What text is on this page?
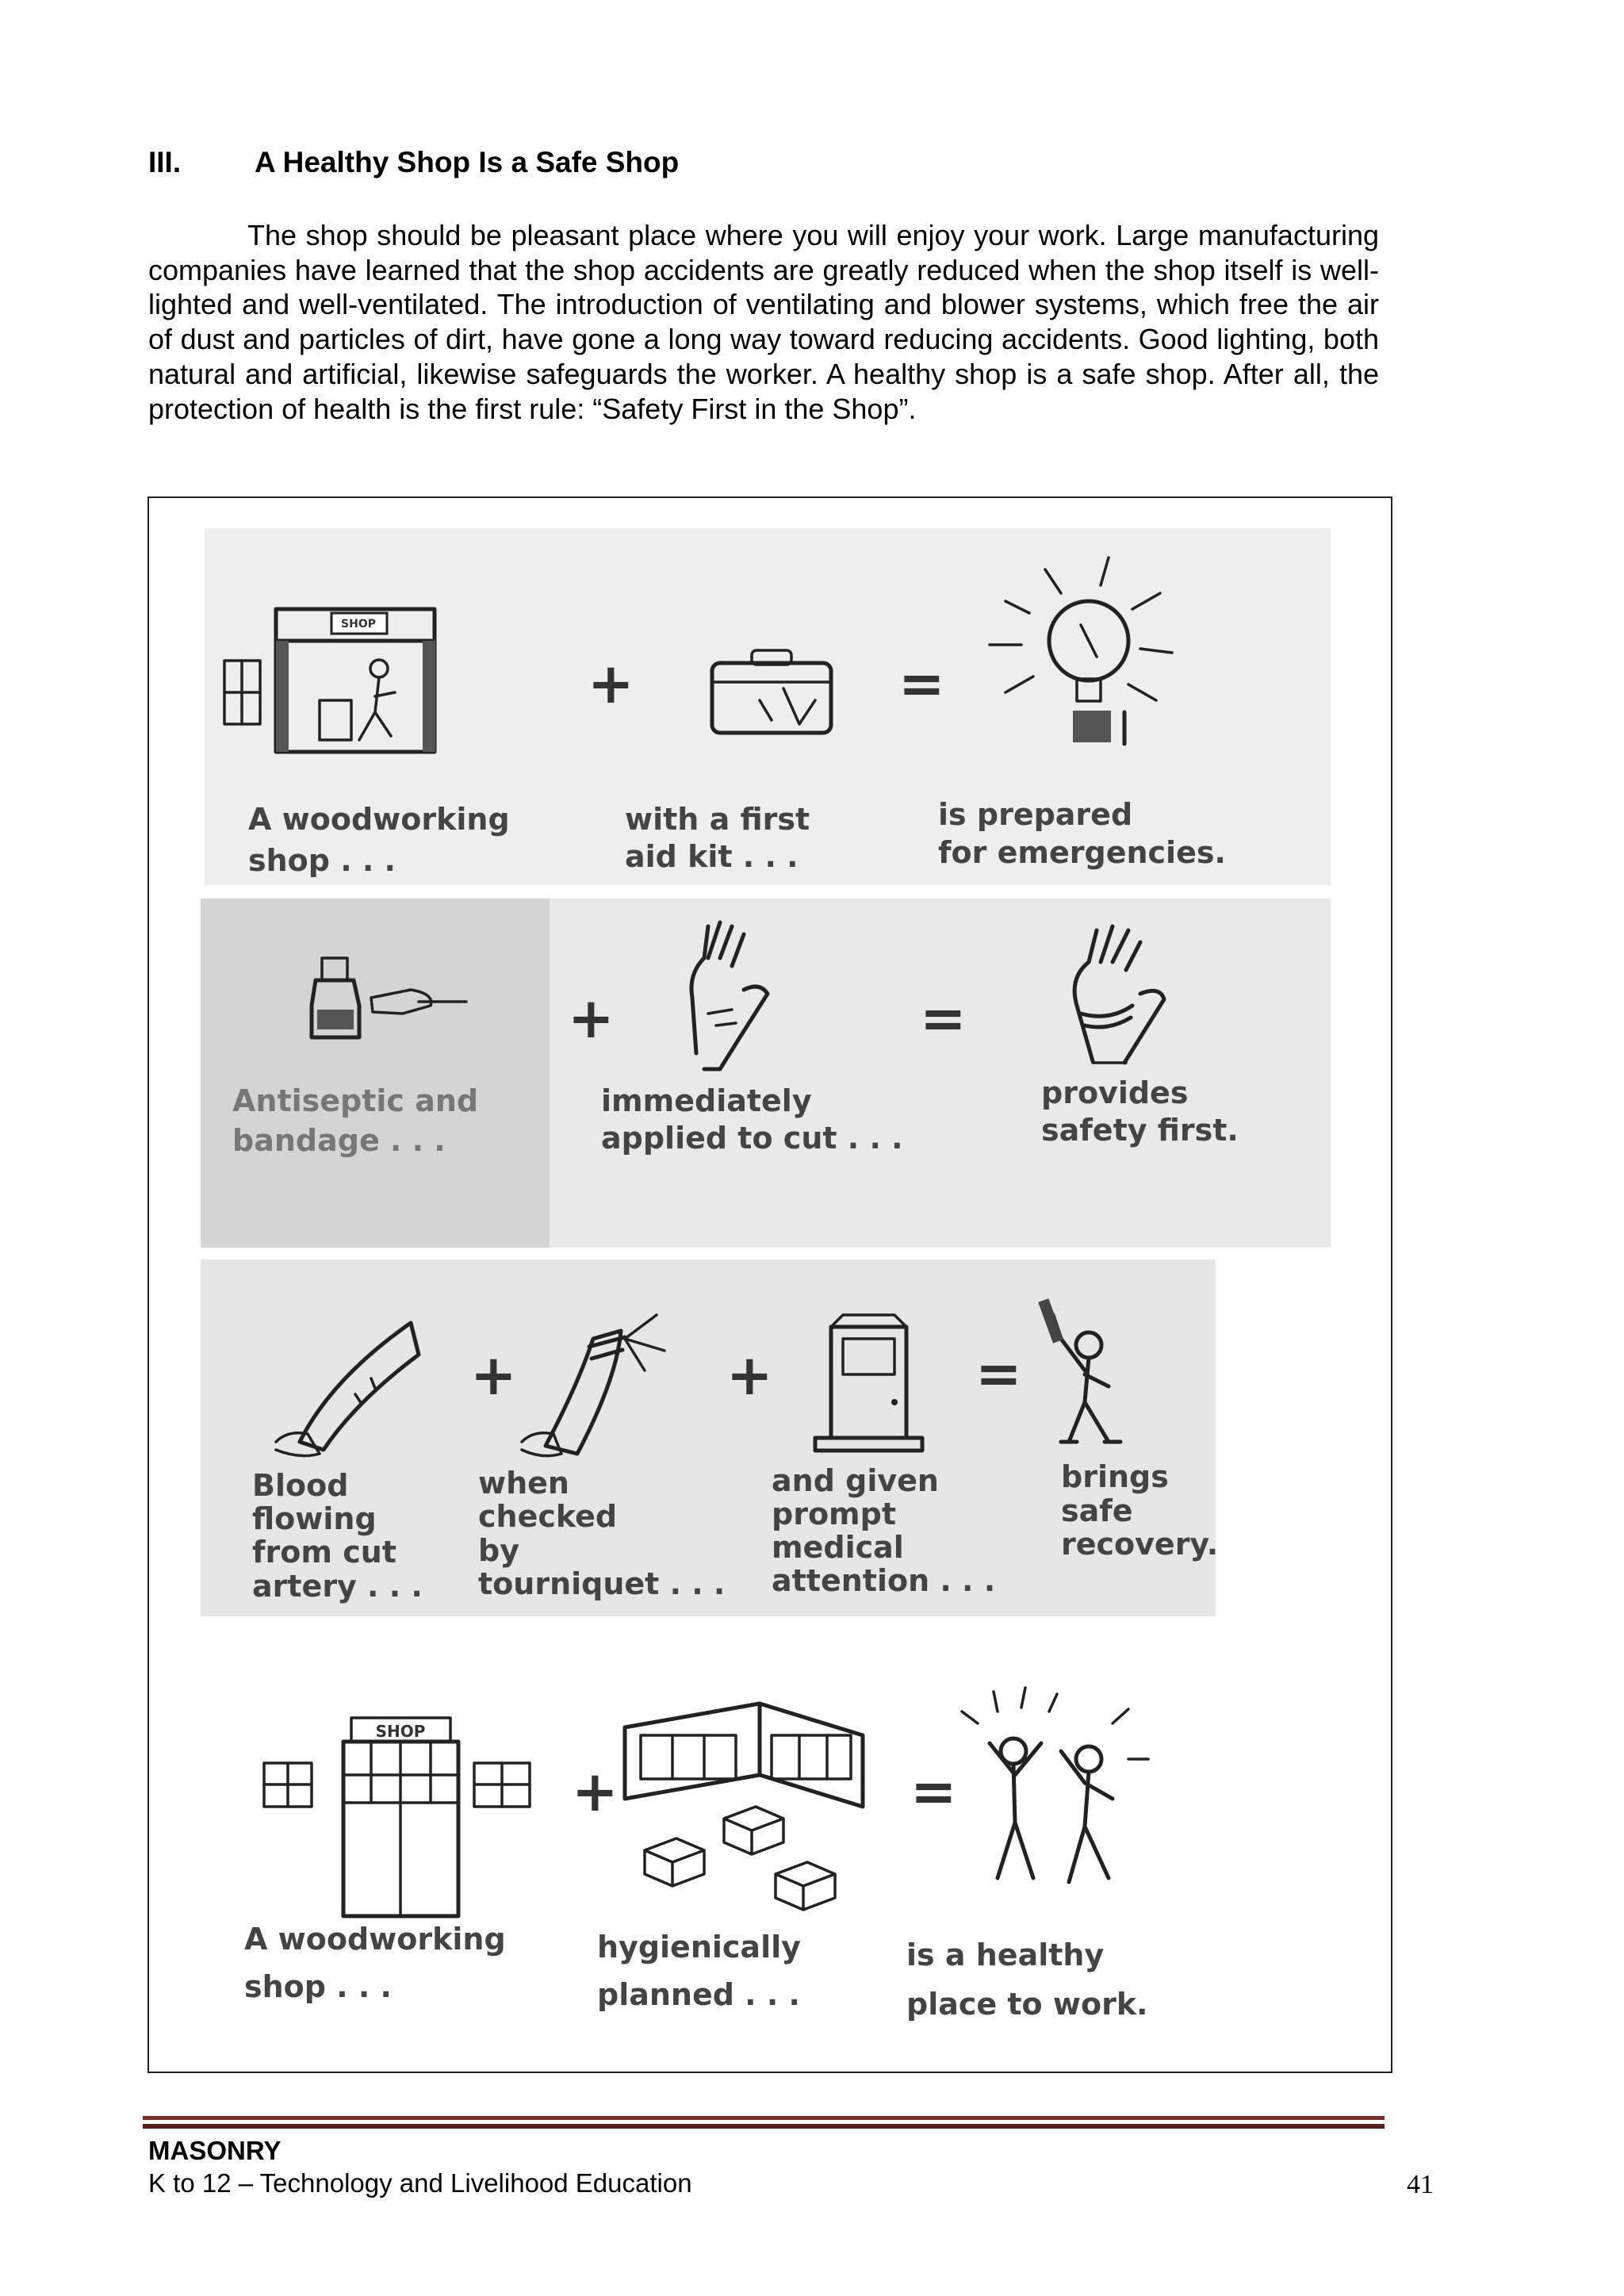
III.	A Healthy Shop Is a Safe Shop

The shop should be pleasant place where you will enjoy your work. Large manufacturing companies have learned that the shop accidents are greatly reduced when the shop itself is well-lighted and well-ventilated. The introduction of ventilating and blower systems, which free the air of dust and particles of dirt, have gone a long way toward reducing accidents. Good lighting, both natural and artificial, likewise safeguards the worker. A healthy shop is a safe shop. After all, the protection of health is the first rule: “Safety First in the Shop”.

SHOP
+	=
A woodworking
shop . . .
with a first
aid kit . . .
is prepared
for emergencies.
+	=
Antiseptic and
bandage . . .
immediately
applied to cut . . .
provides
safety first.
+	+	=
Blood
flowing
from cut
artery . . .
when
checked
by
tourniquet . . .
and given
prompt
medical
attention . . .
brings
safe
recovery.
SHOP
+	=
A woodworking
shop . . .
hygienically
planned . . .
is a healthy
place to work.
MASONRY
K to 12 – Technology and Livelihood Education	41
